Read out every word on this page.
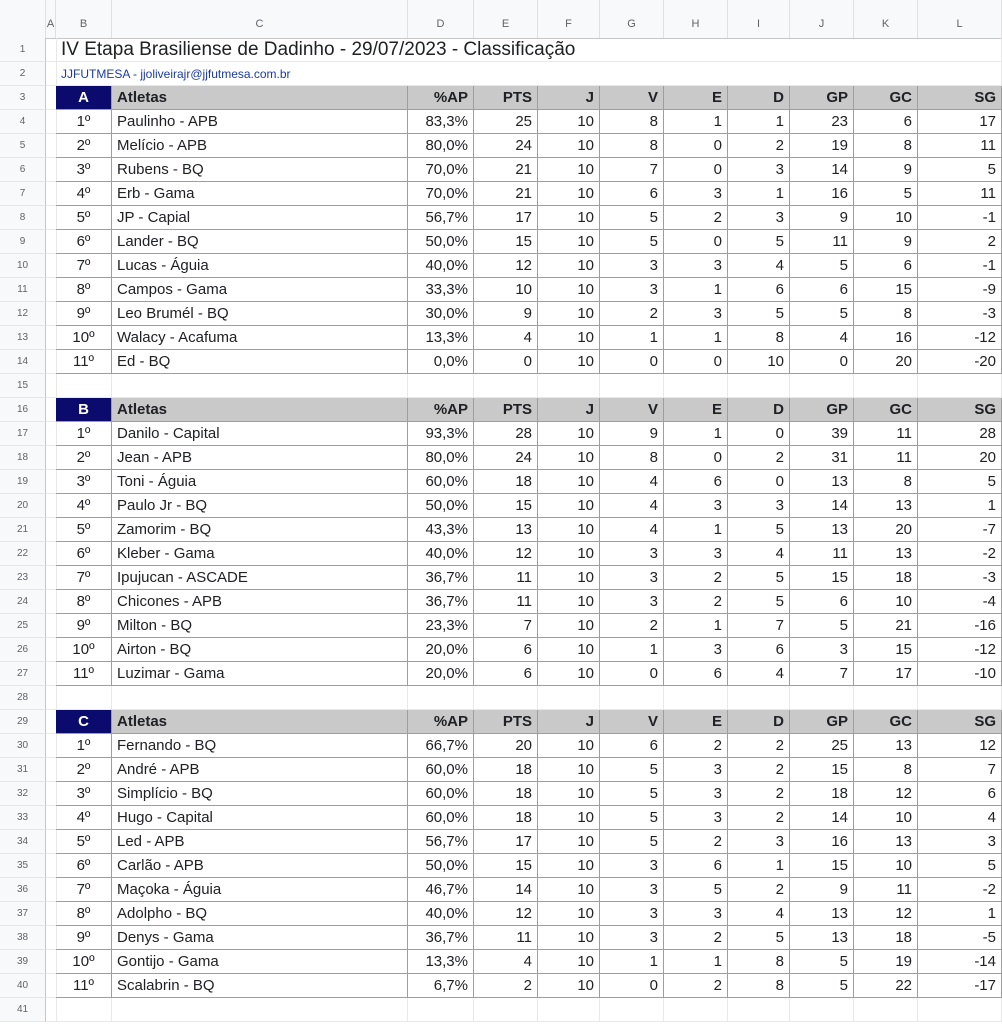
A	B	C	D	E	F	G	H	I	J	K	L
1	IV Etapa Brasiliense de Dadinho - 29/07/2023 - Classificação
2	JJFUTMESA - jjoliveirajr@jjfutmesa.com.br
3	A	Atletas	%AP	PTS	J	V	E	D	GP	GC	SG
4	1º	Paulinho - APB	83,3%	25	10	8	1	1	23	6	17
5	2º	Melício - APB	80,0%	24	10	8	0	2	19	8	11
6	3º	Rubens - BQ	70,0%	21	10	7	0	3	14	9	5
7	4º	Erb - Gama	70,0%	21	10	6	3	1	16	5	11
8	5º	JP - Capial	56,7%	17	10	5	2	3	9	10	-1
9	6º	Lander - BQ	50,0%	15	10	5	0	5	11	9	2
10	7º	Lucas - Águia	40,0%	12	10	3	3	4	5	6	-1
11	8º	Campos - Gama	33,3%	10	10	3	1	6	6	15	-9
12	9º	Leo Brumél - BQ	30,0%	9	10	2	3	5	5	8	-3
13	10º	Walacy - Acafuma	13,3%	4	10	1	1	8	4	16	-12
14	11º	Ed - BQ	0,0%	0	10	0	0	10	0	20	-20
16	B	Atletas	%AP	PTS	J	V	E	D	GP	GC	SG
17	1º	Danilo - Capital	93,3%	28	10	9	1	0	39	11	28
18	2º	Jean - APB	80,0%	24	10	8	0	2	31	11	20
19	3º	Toni - Águia	60,0%	18	10	4	6	0	13	8	5
20	4º	Paulo Jr - BQ	50,0%	15	10	4	3	3	14	13	1
21	5º	Zamorim - BQ	43,3%	13	10	4	1	5	13	20	-7
22	6º	Kleber - Gama	40,0%	12	10	3	3	4	11	13	-2
23	7º	Ipujucan - ASCADE	36,7%	11	10	3	2	5	15	18	-3
24	8º	Chicones - APB	36,7%	11	10	3	2	5	6	10	-4
25	9º	Milton - BQ	23,3%	7	10	2	1	7	5	21	-16
26	10º	Airton - BQ	20,0%	6	10	1	3	6	3	15	-12
27	11º	Luzimar - Gama	20,0%	6	10	0	6	4	7	17	-10
29	C	Atletas	%AP	PTS	J	V	E	D	GP	GC	SG
30	1º	Fernando - BQ	66,7%	20	10	6	2	2	25	13	12
31	2º	André - APB	60,0%	18	10	5	3	2	15	8	7
32	3º	Simplício - BQ	60,0%	18	10	5	3	2	18	12	6
33	4º	Hugo - Capital	60,0%	18	10	5	3	2	14	10	4
34	5º	Led - APB	56,7%	17	10	5	2	3	16	13	3
35	6º	Carlão - APB	50,0%	15	10	3	6	1	15	10	5
36	7º	Maçoka - Águia	46,7%	14	10	3	5	2	9	11	-2
37	8º	Adolpho - BQ	40,0%	12	10	3	3	4	13	12	1
38	9º	Denys - Gama	36,7%	11	10	3	2	5	13	18	-5
39	10º	Gontijo - Gama	13,3%	4	10	1	1	8	5	19	-14
40	11º	Scalabrin - BQ	6,7%	2	10	0	2	8	5	22	-17
15
28
41
